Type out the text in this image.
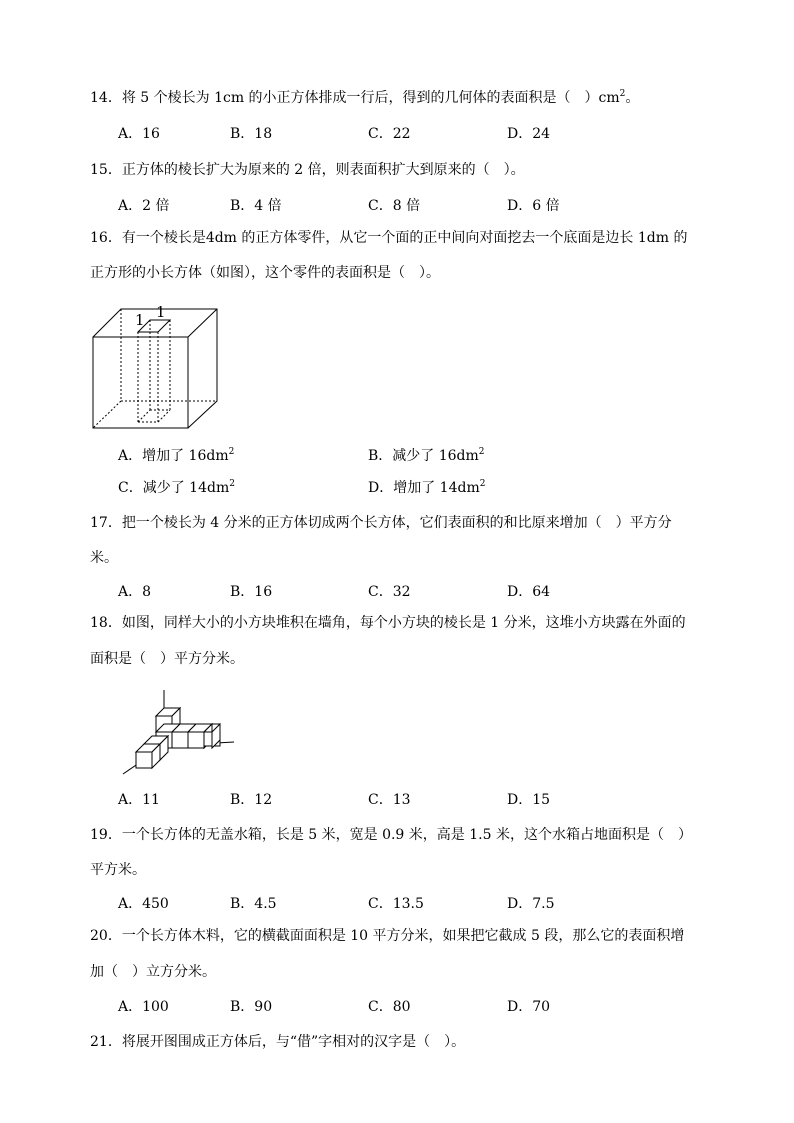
14．将 5 个棱长为 1cm 的小正方体排成一行后，得到的几何体的表面积是（　）$cm^2$。
A．16	B．18	C．22	D．24
15．正方体的棱长扩大为原来的 2 倍，则表面积扩大到原来的（　）。
A．2 倍	B．4 倍	C．8 倍	D．6 倍
16．有一个棱长是4dm 的正方体零件，从它一个面的正中间向对面挖去一个底面是边长 1dm 的
正方形的小长方体（如图），这个零件的表面积是（　）。
1
1
A．增加了 $16dm^2$	B．减少了 $16dm^2$
C．减少了 $14dm^2$	D．增加了 $14dm^2$
17．把一个棱长为 4 分米的正方体切成两个长方体，它们表面积的和比原来增加（　）平方分
米。
A．8	B．16	C．32	D．64
18．如图，同样大小的小方块堆积在墙角，每个小方块的棱长是 1 分米，这堆小方块露在外面的
面积是（　）平方分米。
A．11	B．12	C．13	D．15
19．一个长方体的无盖水箱，长是 5 米，宽是 0.9 米，高是 1.5 米，这个水箱占地面积是（　）
平方米。
A．450	B．4.5	C．13.5	D．7.5
20．一个长方体木料，它的横截面面积是 10 平方分米，如果把它截成 5 段，那么它的表面积增
加（　）立方分米。
A．100	B．90	C．80	D．70
21．将展开图围成正方体后，与“借”字相对的汉字是（　）。
